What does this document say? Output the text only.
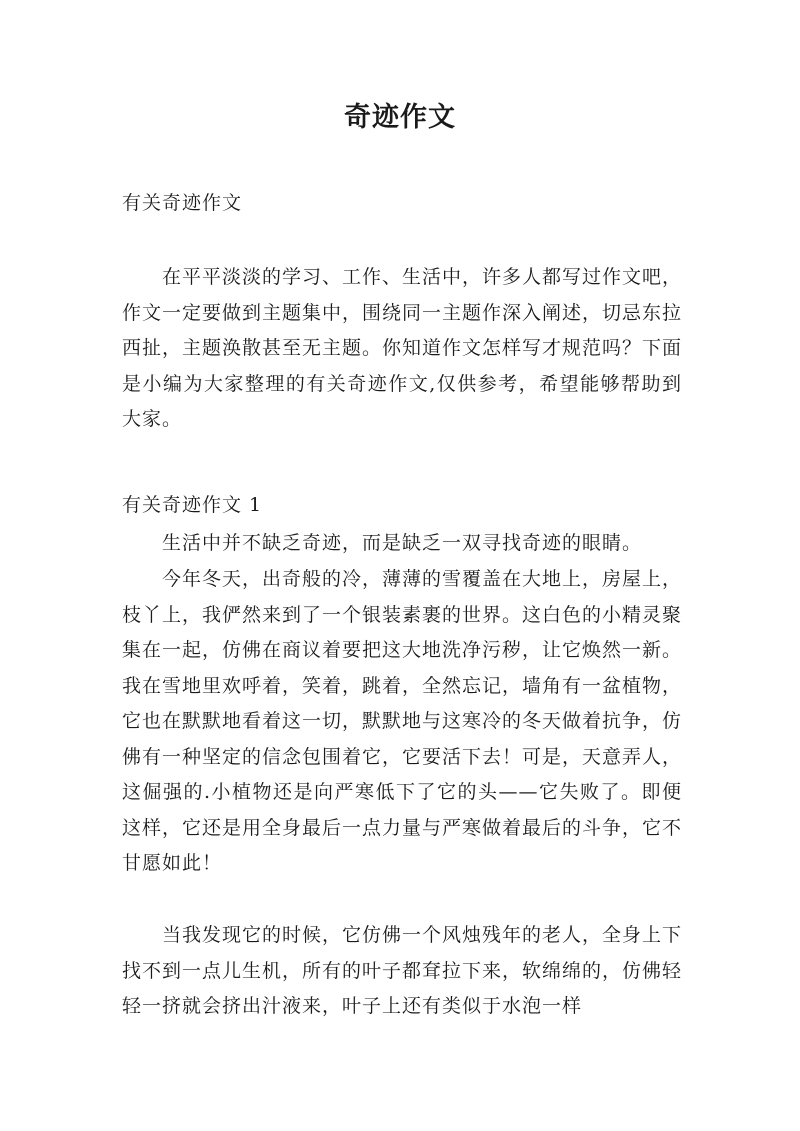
奇迹作文
有关奇迹作文

在平平淡淡的学习、工作、生活中，许多人都写过作文吧，作文一定要做到主题集中，围绕同一主题作深入阐述，切忌东拉西扯，主题涣散甚至无主题。你知道作文怎样写才规范吗？下面是小编为大家整理的有关奇迹作文,仅供参考，希望能够帮助到大家。

有关奇迹作文 1

生活中并不缺乏奇迹，而是缺乏一双寻找奇迹的眼睛。

今年冬天，出奇般的冷，薄薄的雪覆盖在大地上，房屋上，枝丫上，我俨然来到了一个银装素裹的世界。这白色的小精灵聚集在一起，仿佛在商议着要把这大地洗净污秽，让它焕然一新。我在雪地里欢呼着，笑着，跳着，全然忘记，墙角有一盆植物，它也在默默地看着这一切，默默地与这寒冷的冬天做着抗争，仿佛有一种坚定的信念包围着它，它要活下去！可是，天意弄人，这倔强的.小植物还是向严寒低下了它的头——它失败了。即便这样，它还是用全身最后一点力量与严寒做着最后的斗争，它不甘愿如此！

当我发现它的时候，它仿佛一个风烛残年的老人，全身上下找不到一点儿生机，所有的叶子都耷拉下来，软绵绵的，仿佛轻轻一挤就会挤出汁液来，叶子上还有类似于水泡一样
